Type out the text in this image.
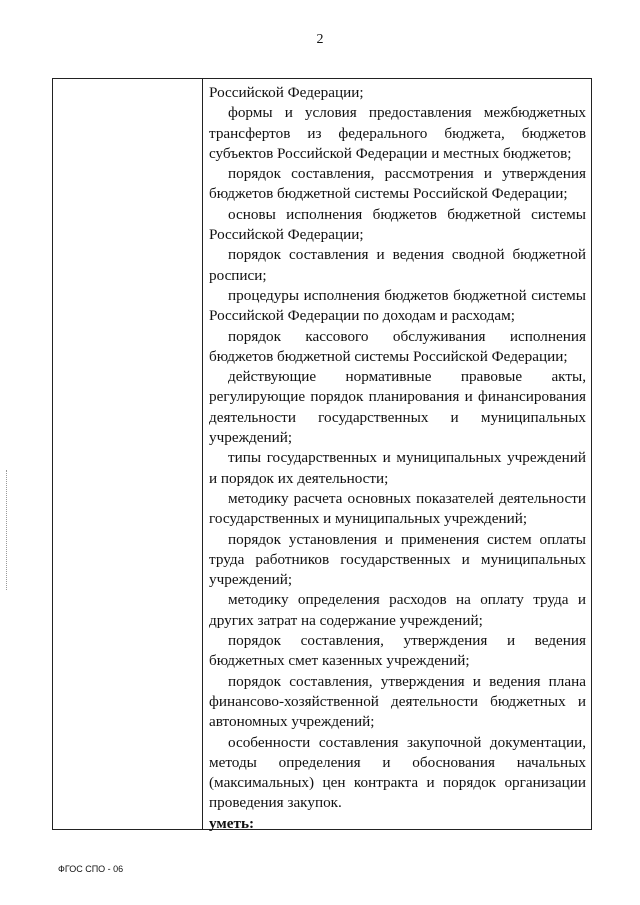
2

Российской Федерации;

формы и условия предоставления межбюджетных трансфертов из федерального бюджета, бюджетов субъектов Российской Федерации и местных бюджетов;

порядок составления, рассмотрения и утверждения бюджетов бюджетной системы Российской Федерации;

основы исполнения бюджетов бюджетной системы Российской Федерации;

порядок составления и ведения сводной бюджетной росписи;

процедуры исполнения бюджетов бюджетной системы Российской Федерации по доходам и расходам;

порядок кассового обслуживания исполнения бюджетов бюджетной системы Российской Федерации;

действующие нормативные правовые акты, регулирующие порядок планирования и финансирования деятельности государственных и муниципальных учреждений;

типы государственных и муниципальных учреждений и порядок их деятельности;

методику расчета основных показателей деятельности государственных и муниципальных учреждений;

порядок установления и применения систем оплаты труда работников государственных и муниципальных учреждений;

методику определения расходов на оплату труда и других затрат на содержание учреждений;

порядок составления, утверждения и ведения бюджетных смет казенных учреждений;

порядок составления, утверждения и ведения плана финансово-хозяйственной деятельности бюджетных и автономных учреждений;

особенности составления закупочной документации, методы определения и обоснования начальных (максимальных) цен контракта и порядок организации проведения закупок.

уметь:

ФГОС СПО - 06
